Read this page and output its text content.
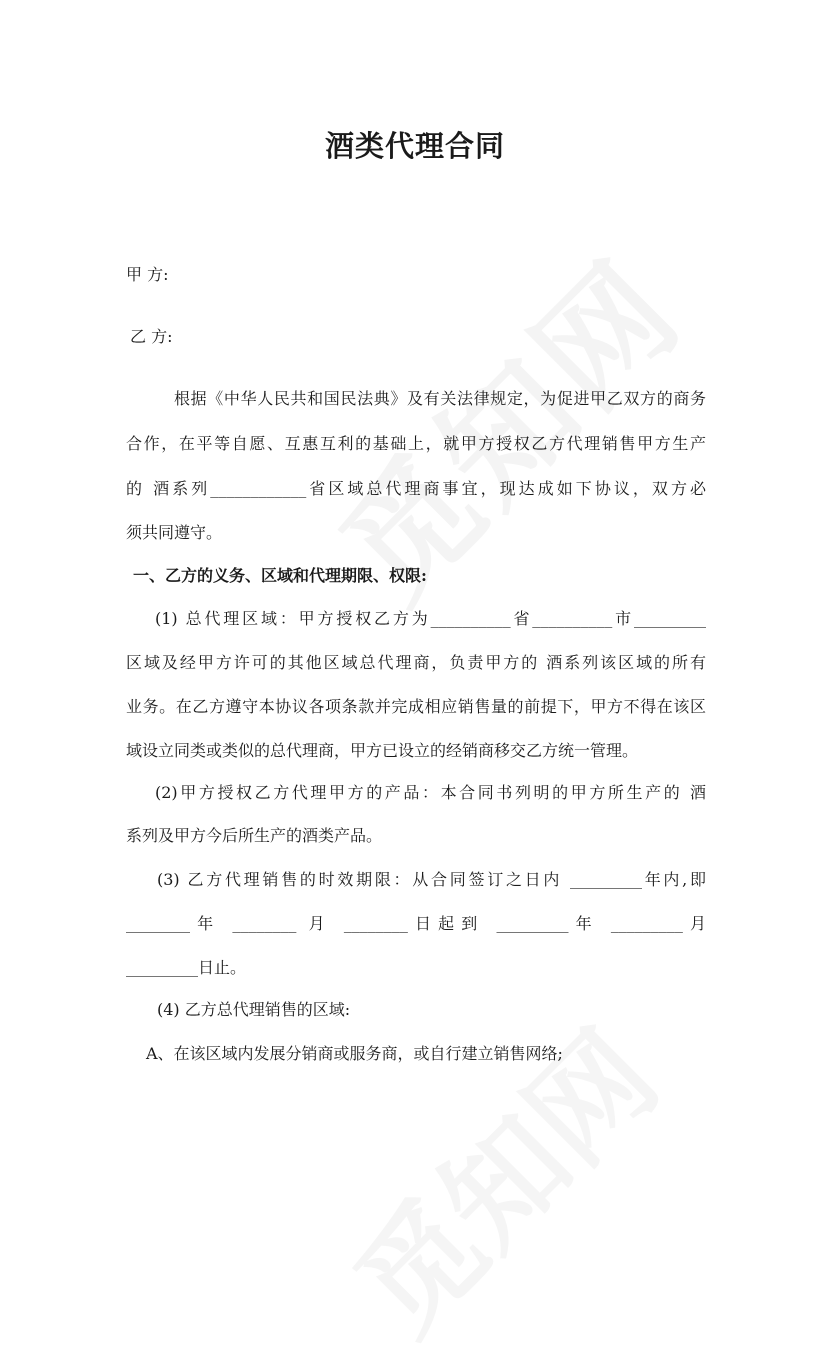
酒类代理合同
甲 方:
乙 方:
根据《中华人民共和国民法典》及有关法律规定，为促进甲乙双方的商务
合作，在平等自愿、互惠互利的基础上，就甲方授权乙方代理销售甲方生产
的 酒系列____________省区域总代理商事宜，现达成如下协议，双方必
须共同遵守。
一、乙方的义务、区域和代理期限、权限:
(1) 总代理区域：甲方授权乙方为__________省__________市_________
区域及经甲方许可的其他区域总代理商，负责甲方的 酒系列该区域的所有
业务。在乙方遵守本协议各项条款并完成相应销售量的前提下，甲方不得在该区
域设立同类或类似的总代理商，甲方已设立的经销商移交乙方统一管理。
(2)甲方授权乙方代理甲方的产品：本合同书列明的甲方所生产的 酒
系列及甲方今后所生产的酒类产品。
(3) 乙方代理销售的时效期限：从合同签订之日内 _________年内,即
________年 ________ 月 ________日起到 _________年 _________月
_________日止。
(4) 乙方总代理销售的区域:
A、在该区域内发展分销商或服务商，或自行建立销售网络;
